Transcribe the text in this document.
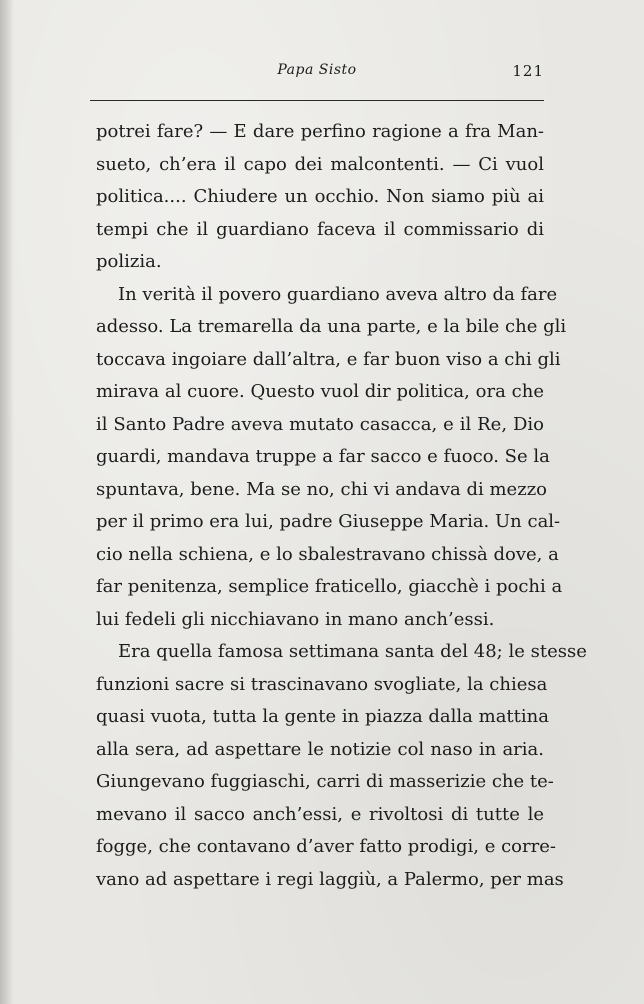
Papa Sisto	121
potrei fare? — E dare perfino ragione a fra Man-
sueto, ch’era il capo dei malcontenti. — Ci vuol
politica.... Chiudere un occhio. Non siamo più ai
tempi che il guardiano faceva il commissario di
polizia.
In verità il povero guardiano aveva altro da fare
adesso. La tremarella da una parte, e la bile che gli
toccava ingoiare dall’altra, e far buon viso a chi gli
mirava al cuore. Questo vuol dir politica, ora che
il Santo Padre aveva mutato casacca, e il Re, Dio
guardi, mandava truppe a far sacco e fuoco. Se la
spuntava, bene. Ma se no, chi vi andava di mezzo
per il primo era lui, padre Giuseppe Maria. Un cal-
cio nella schiena, e lo sbalestravano chissà dove, a
far penitenza, semplice fraticello, giacchè i pochi a
lui fedeli gli nicchiavano in mano anch’essi.
Era quella famosa settimana santa del 48; le stesse
funzioni sacre si trascinavano svogliate, la chiesa
quasi vuota, tutta la gente in piazza dalla mattina
alla sera, ad aspettare le notizie col naso in aria.
Giungevano fuggiaschi, carri di masserizie che te-
mevano il sacco anch’essi, e rivoltosi di tutte le
fogge, che contavano d’aver fatto prodigi, e corre-
vano ad aspettare i regi laggiù, a Palermo, per mas
